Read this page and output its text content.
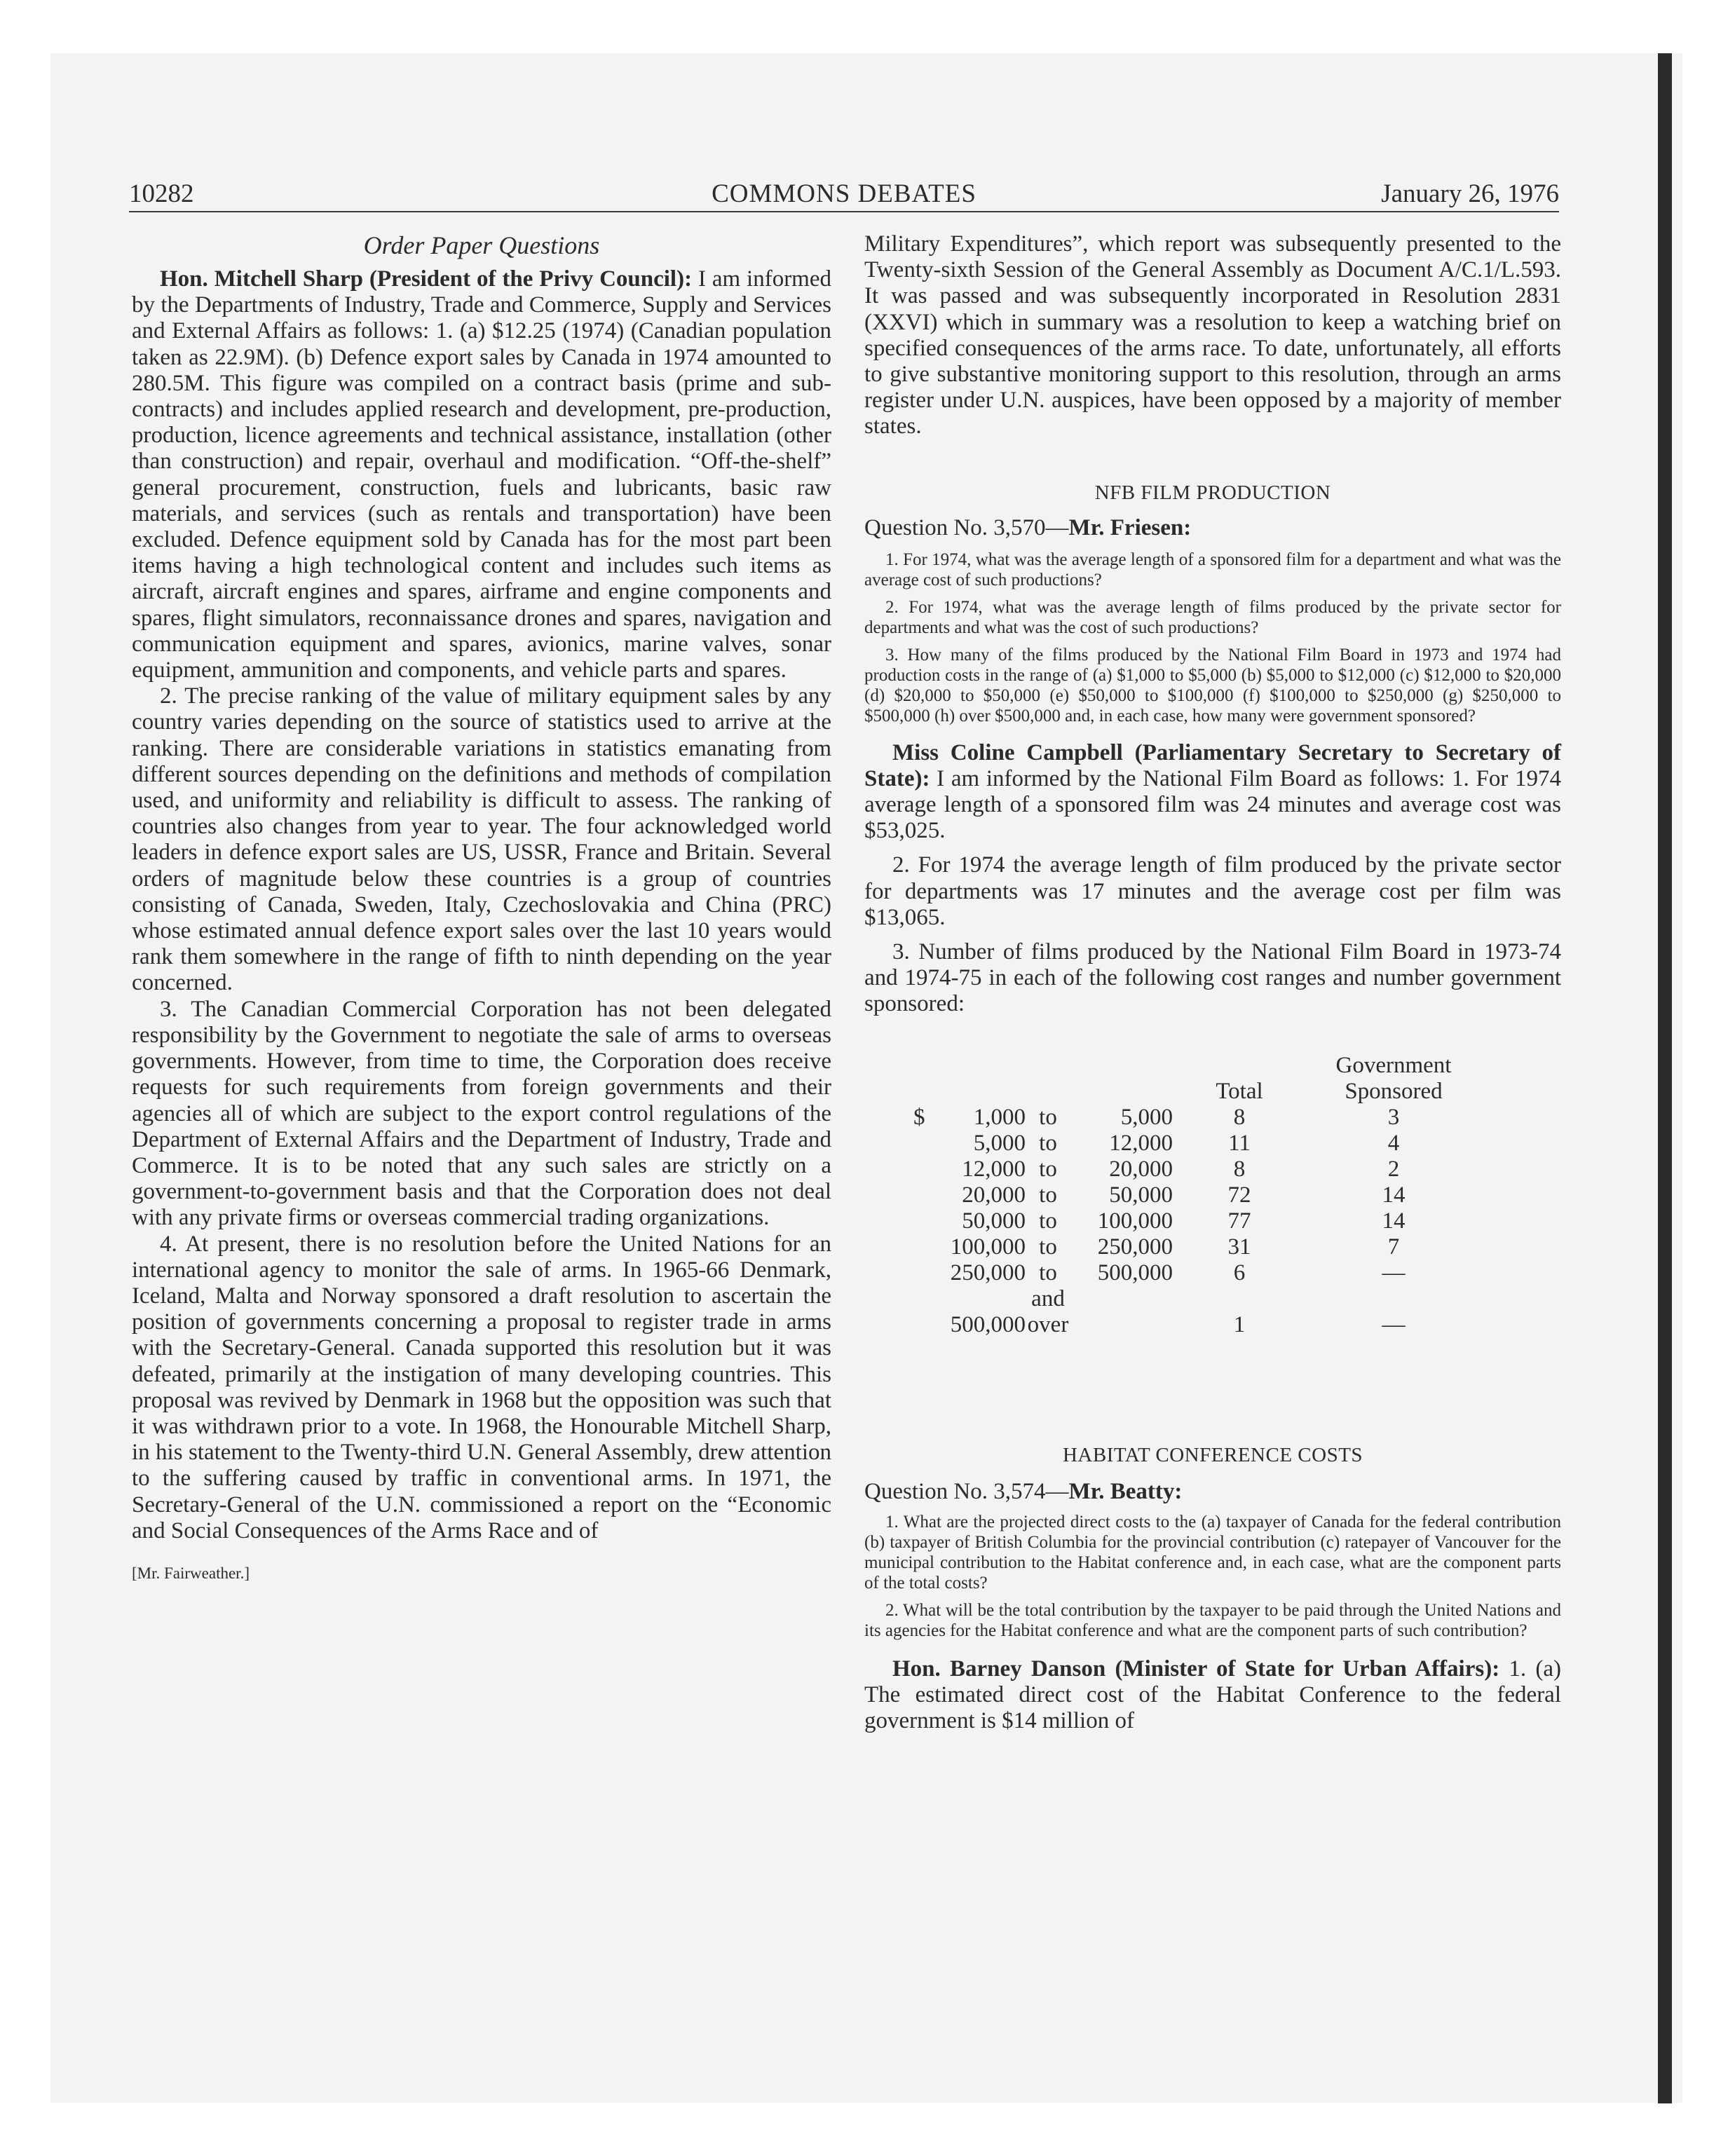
10282	COMMONS DEBATES	January 26, 1976

Order Paper Questions

Hon. Mitchell Sharp (President of the Privy Council): I am informed by the Departments of Industry, Trade and Commerce, Supply and Services and External Affairs as follows: 1. (a) $12.25 (1974) (Canadian population taken as 22.9M). (b) Defence export sales by Canada in 1974 amounted to 280.5M. This figure was compiled on a contract basis (prime and sub-contracts) and includes applied research and development, pre-production, production, licence agreements and technical assistance, installation (other than construction) and repair, overhaul and modification. “Off-the-shelf” general procurement, construction, fuels and lubricants, basic raw materials, and services (such as rentals and transportation) have been excluded. Defence equipment sold by Canada has for the most part been items having a high technological content and includes such items as aircraft, aircraft engines and spares, airframe and engine components and spares, flight simulators, reconnaissance drones and spares, navigation and communication equipment and spares, avionics, marine valves, sonar equipment, ammunition and components, and vehicle parts and spares.

2. The precise ranking of the value of military equipment sales by any country varies depending on the source of statistics used to arrive at the ranking. There are considerable variations in statistics emanating from different sources depending on the definitions and methods of compilation used, and uniformity and reliability is difficult to assess. The ranking of countries also changes from year to year. The four acknowledged world leaders in defence export sales are US, USSR, France and Britain. Several orders of magnitude below these countries is a group of countries consisting of Canada, Sweden, Italy, Czechoslovakia and China (PRC) whose estimated annual defence export sales over the last 10 years would rank them somewhere in the range of fifth to ninth depending on the year concerned.

3. The Canadian Commercial Corporation has not been delegated responsibility by the Government to negotiate the sale of arms to overseas governments. However, from time to time, the Corporation does receive requests for such requirements from foreign governments and their agencies all of which are subject to the export control regulations of the Department of External Affairs and the Department of Industry, Trade and Commerce. It is to be noted that any such sales are strictly on a government-to-government basis and that the Corporation does not deal with any private firms or overseas commercial trading organizations.

4. At present, there is no resolution before the United Nations for an international agency to monitor the sale of arms. In 1965-66 Denmark, Iceland, Malta and Norway sponsored a draft resolution to ascertain the position of governments concerning a proposal to register trade in arms with the Secretary-General. Canada supported this resolution but it was defeated, primarily at the instigation of many developing countries. This proposal was revived by Denmark in 1968 but the opposition was such that it was withdrawn prior to a vote. In 1968, the Honourable Mitchell Sharp, in his statement to the Twenty-third U.N. General Assembly, drew attention to the suffering caused by traffic in conventional arms. In 1971, the Secretary-General of the U.N. commissioned a report on the “Economic and Social Consequences of the Arms Race and of

[Mr. Fairweather.]

Military Expenditures”, which report was subsequently presented to the Twenty-sixth Session of the General Assembly as Document A/C.1/L.593. It was passed and was subsequently incorporated in Resolution 2831 (XXVI) which in summary was a resolution to keep a watching brief on specified consequences of the arms race. To date, unfortunately, all efforts to give substantive monitoring support to this resolution, through an arms register under U.N. auspices, have been opposed by a majority of member states.

NFB FILM PRODUCTION

Question No. 3,570—Mr. Friesen:

1. For 1974, what was the average length of a sponsored film for a department and what was the average cost of such productions?

2. For 1974, what was the average length of films produced by the private sector for departments and what was the cost of such productions?

3. How many of the films produced by the National Film Board in 1973 and 1974 had production costs in the range of (a) $1,000 to $5,000 (b) $5,000 to $12,000 (c) $12,000 to $20,000 (d) $20,000 to $50,000 (e) $50,000 to $100,000 (f) $100,000 to $250,000 (g) $250,000 to $500,000 (h) over $500,000 and, in each case, how many were government sponsored?

Miss Coline Campbell (Parliamentary Secretary to Secretary of State): I am informed by the National Film Board as follows: 1. For 1974 average length of a sponsored film was 24 minutes and average cost was $53,025.

2. For 1974 the average length of film produced by the private sector for departments was 17 minutes and the average cost per film was $13,065.

3. Number of films produced by the National Film Board in 1973-74 and 1974-75 in each of the following cost ranges and number government sponsored:

					Government
				Total	Sponsored
$	1,000	to	5,000	8	3
	5,000	to	12,000	11	4
	12,000	to	20,000	8	2
	20,000	to	50,000	72	14
	50,000	to	100,000	77	14
	100,000	to	250,000	31	7
	250,000	to	500,000	6	—
	500,000	and over		1	—

HABITAT CONFERENCE COSTS

Question No. 3,574—Mr. Beatty:

1. What are the projected direct costs to the (a) taxpayer of Canada for the federal contribution (b) taxpayer of British Columbia for the provincial contribution (c) ratepayer of Vancouver for the municipal contribution to the Habitat conference and, in each case, what are the component parts of the total costs?

2. What will be the total contribution by the taxpayer to be paid through the United Nations and its agencies for the Habitat conference and what are the component parts of such contribution?

Hon. Barney Danson (Minister of State for Urban Affairs): 1. (a) The estimated direct cost of the Habitat Conference to the federal government is $14 million of
